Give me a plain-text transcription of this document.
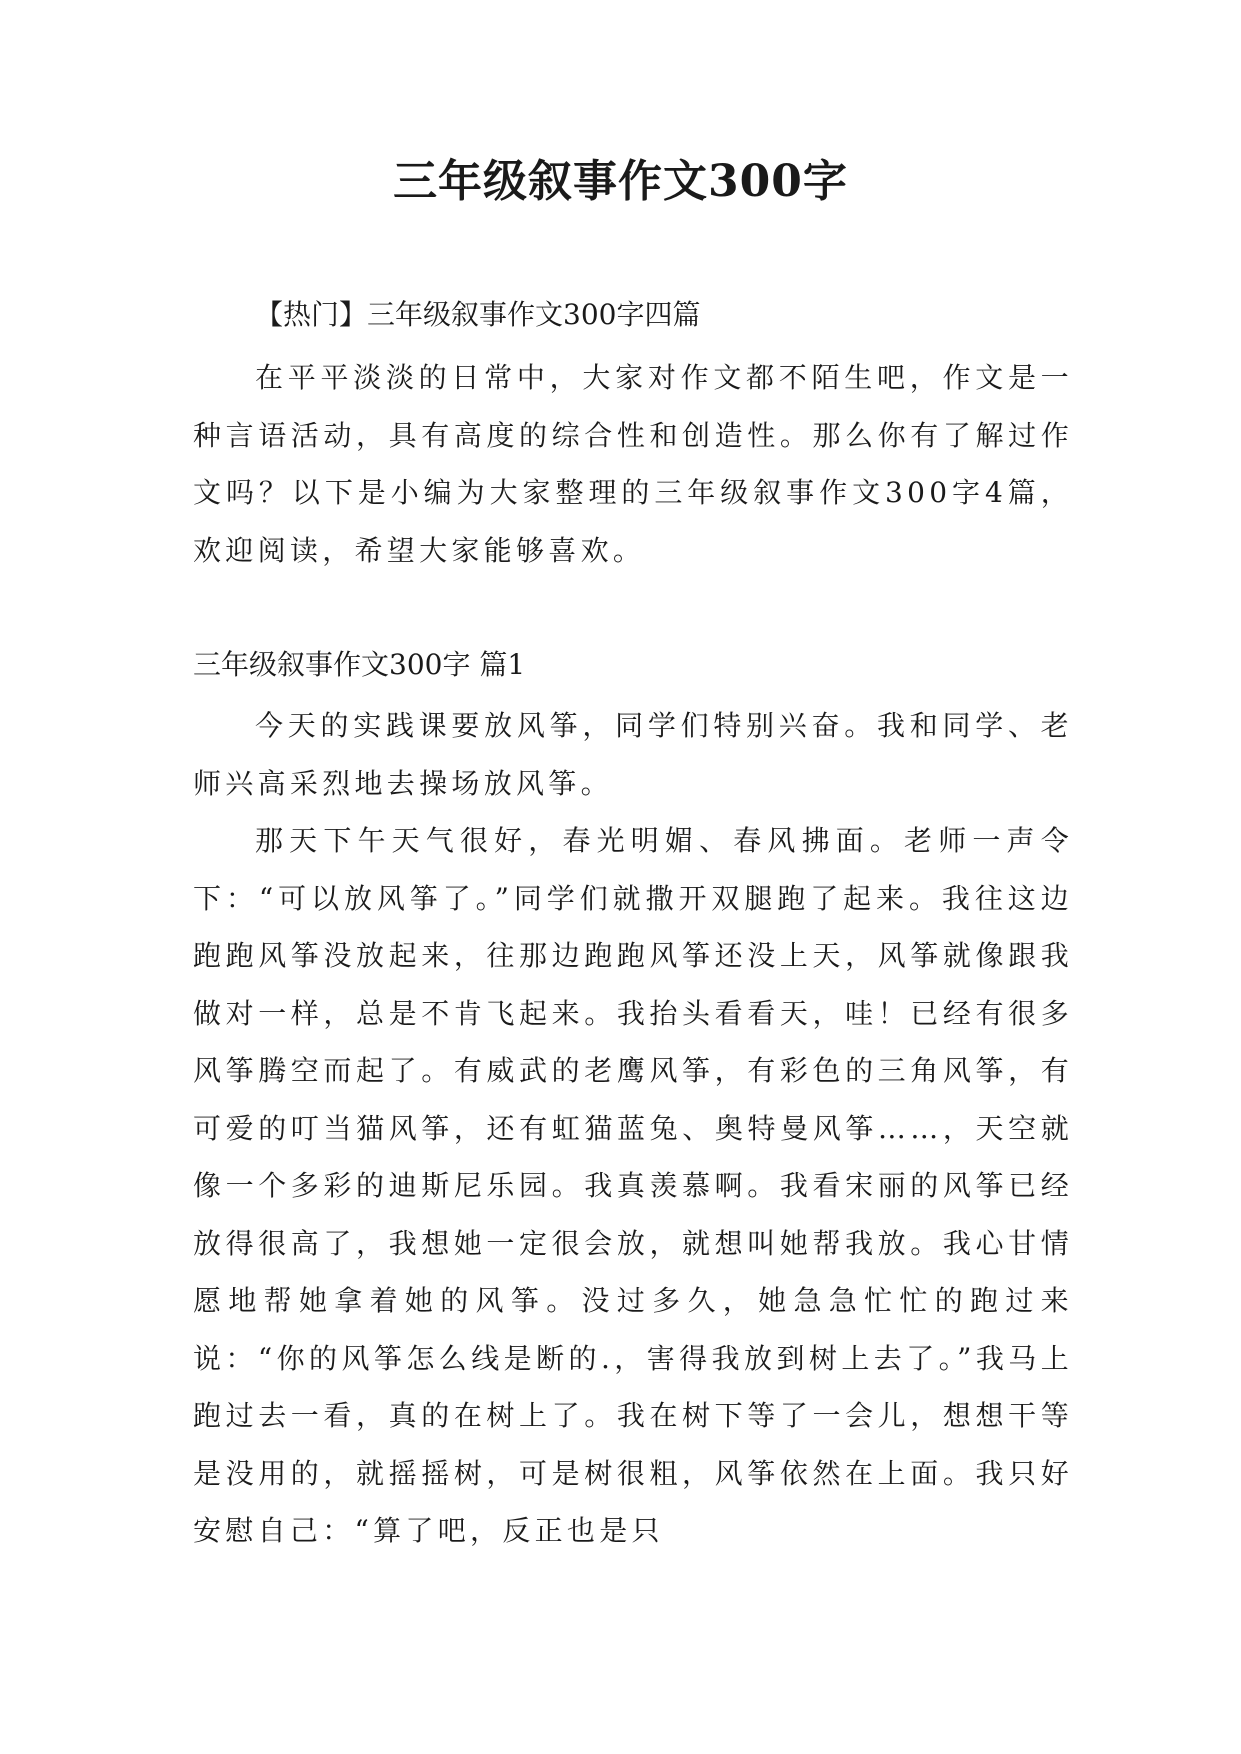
三年级叙事作文300字

【热门】三年级叙事作文300字四篇

在平平淡淡的日常中，大家对作文都不陌生吧，作文是一种言语活动，具有高度的综合性和创造性。那么你有了解过作文吗？以下是小编为大家整理的三年级叙事作文300字4篇，欢迎阅读，希望大家能够喜欢。

三年级叙事作文300字 篇1

今天的实践课要放风筝，同学们特别兴奋。我和同学、老师兴高采烈地去操场放风筝。

那天下午天气很好，春光明媚、春风拂面。老师一声令下：“可以放风筝了。”同学们就撒开双腿跑了起来。我往这边跑跑风筝没放起来，往那边跑跑风筝还没上天，风筝就像跟我做对一样，总是不肯飞起来。我抬头看看天，哇！已经有很多风筝腾空而起了。有威武的老鹰风筝，有彩色的三角风筝，有可爱的叮当猫风筝，还有虹猫蓝兔、奥特曼风筝……，天空就像一个多彩的迪斯尼乐园。我真羡慕啊。我看宋丽的风筝已经放得很高了，我想她一定很会放，就想叫她帮我放。我心甘情愿地帮她拿着她的风筝。没过多久，她急急忙忙的跑过来说：“你的风筝怎么线是断的.，害得我放到树上去了。”我马上跑过去一看，真的在树上了。我在树下等了一会儿，想想干等是没用的，就摇摇树，可是树很粗，风筝依然在上面。我只好安慰自己：“算了吧，反正也是只
